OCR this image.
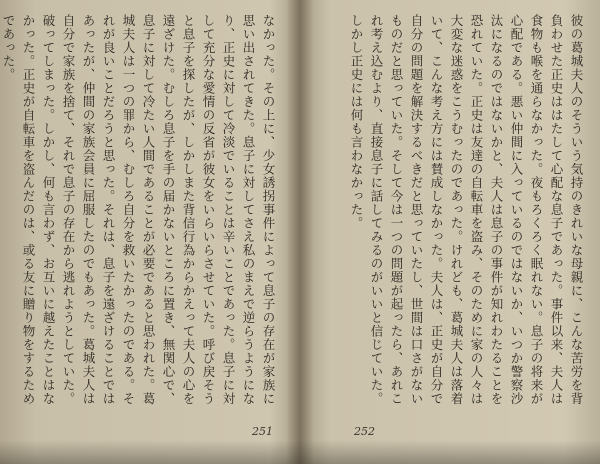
なかった。その上に、少女誘拐事件によって息子の存在が家族に思い出されてきた。息子に対してさえ私のまえで逆らうようになり、正史に対して冷淡でいることは辛いことであった。息子に対して充分な愛情の反省が彼女をいらいらさせていた。呼び戻そうと息子を探したが、しかしまた背信行為からかえって夫人の心を遠ざけた。むしろ息子を手の届かないところに置き、無関心で、息子に対して冷たい人間であることが必要であると思われた。葛城夫人は一つの罪から、むしろ自分を救いたかったのである。それが良いことだろうと思った。それは、息子を遠ざけることではあったが、仲間の家族会員に屈服したのでもあった。葛城夫人は自分で家族を捨て、それで息子の存在から逃れようとしていた。破ってしまった。しかし、何も言わず、お互いに越えたことはなかった。正史が自転車を盗んだのは、或る友に贈り物をするためであった。
251
彼の葛城夫人のそういう気持のきれいな母親に、こんな苦労を背負わせた正史ははたして心配な息子であった。事件以来、夫人は食物も喉を通らなかった。夜もろくろく眠れない。息子の将来が心配である。悪い仲間に入っているのではないか、いつか警察沙汰になるのではないかと、夫人は息子の事件が知れわたることを恐れていた。正史は友達の自転車を盗み、そのために家の人々は大変な迷惑をこうむったのであった。けれども、葛城夫人は落着いて、こんな考え方には賛成しなかった。夫人は、正史が自分で自分の問題を解決するべきだと思っていたし、世間は口さがないものだと思っていた。そして今は一つの問題が起ったら、あれこれ考え込むより、直接息子に話してみるのがいいと信じていた。しかし正史には何も言わなかった。
252
